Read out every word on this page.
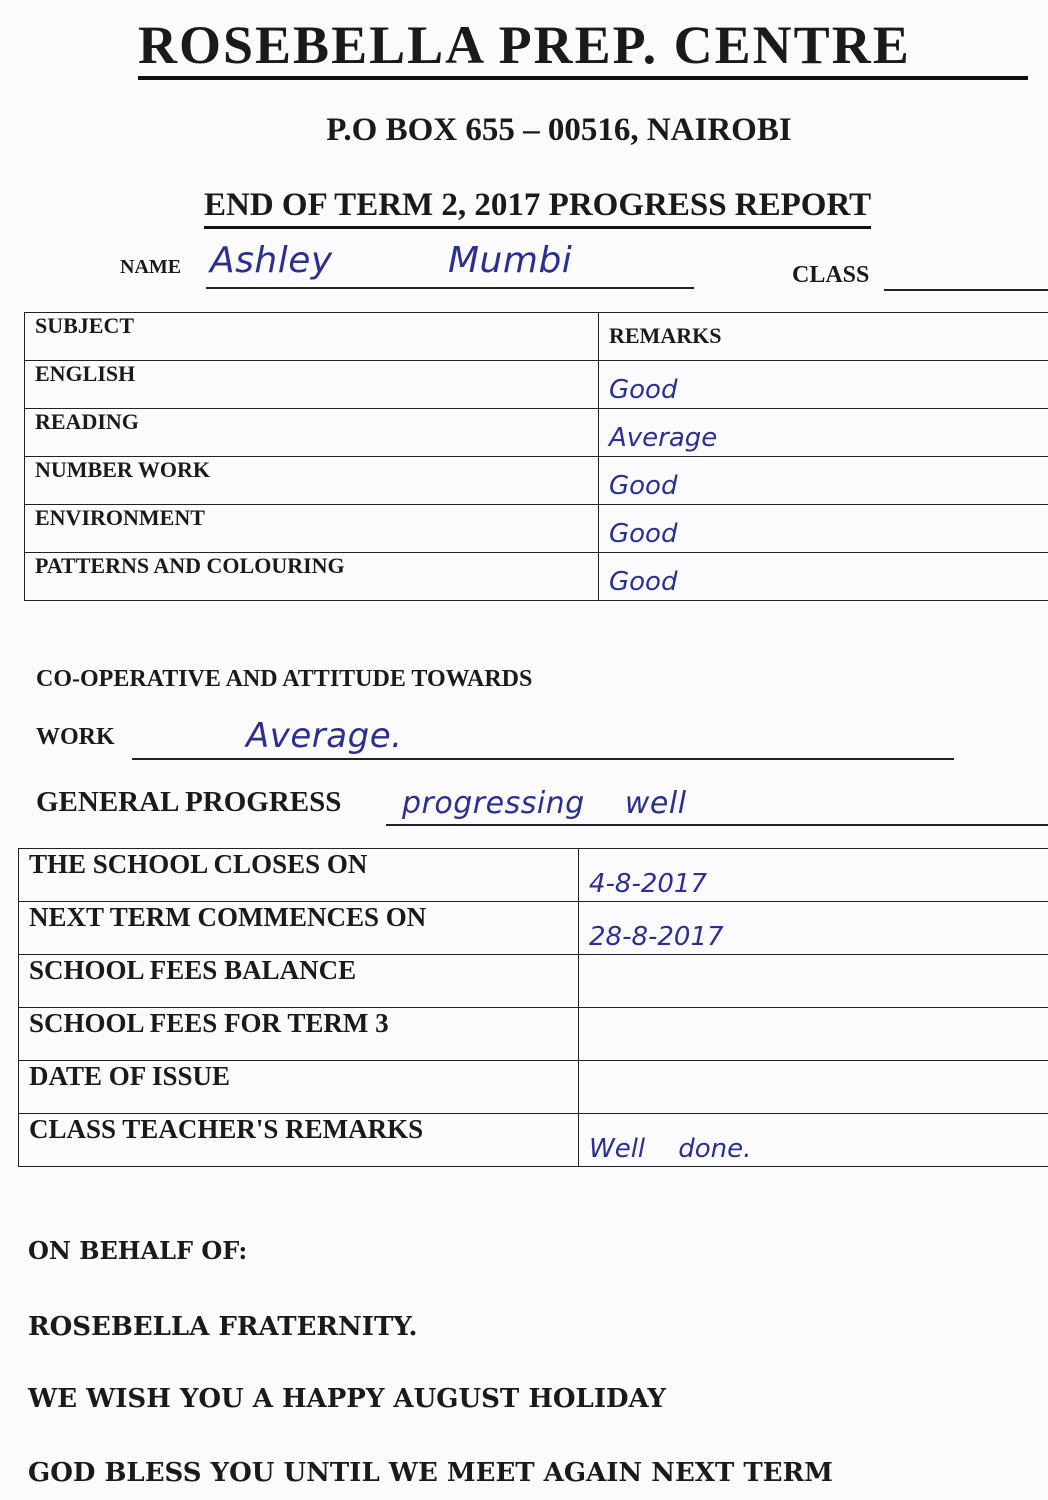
ROSEBELLA PREP. CENTRE
P.O BOX 655 – 00516, NAIROBI
END OF TERM 2, 2017 PROGRESS REPORT
NAME Ashley	Mumbi	CLASS
SUBJECT	REMARKS
ENGLISH	Good
READING	Average
NUMBER WORK	Good
ENVIRONMENT	Good
PATTERNS AND COLOURING	Good
CO-OPERATIVE AND ATTITUDE TOWARDS
WORK	Average.
GENERAL PROGRESS progressing    well
THE SCHOOL CLOSES ON	4-8-2017
NEXT TERM COMMENCES ON	28-8-2017
SCHOOL FEES BALANCE	
SCHOOL FEES FOR TERM 3	
DATE OF ISSUE	
CLASS TEACHER'S REMARKS	Well    done.
ON BEHALF OF:
ROSEBELLA FRATERNITY.
WE WISH YOU A HAPPY AUGUST HOLIDAY
GOD BLESS YOU UNTIL WE MEET AGAIN NEXT TERM
